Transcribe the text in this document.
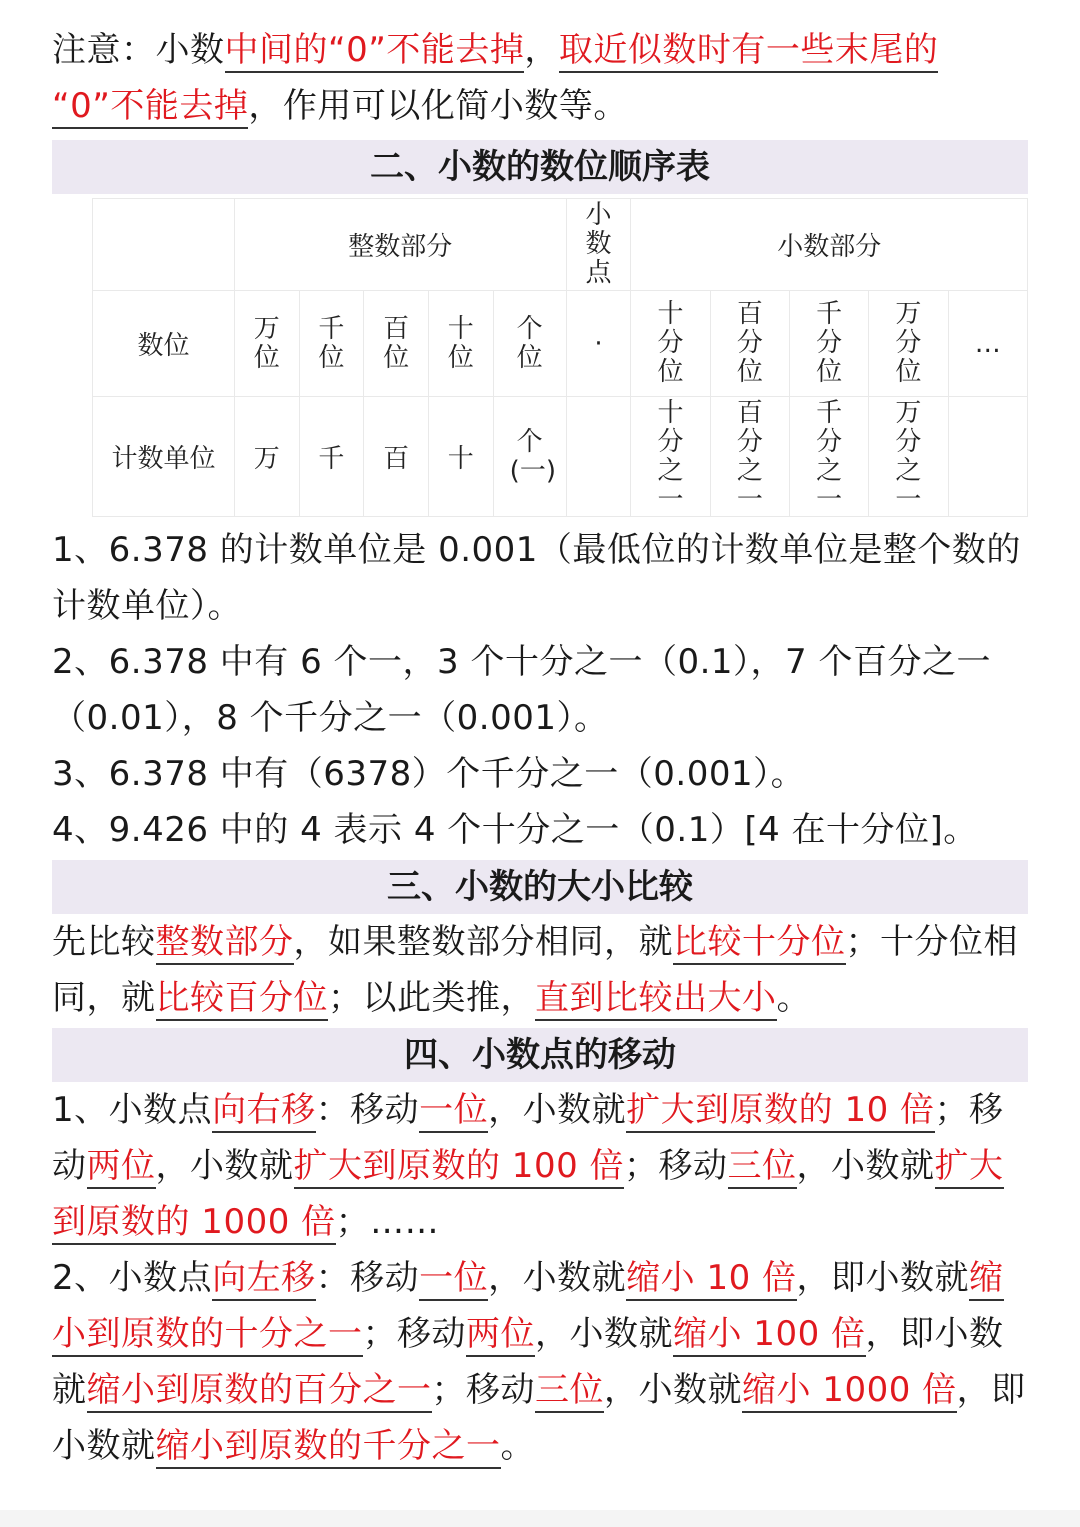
注意：小数中间的“0”不能去掉，取近似数时有一些末尾的
“0”不能去掉，作用可以化简小数等。

二、小数的数位顺序表
	整数部分					小数点	小数部分				
数位	万位	千位	百位	十位	个位	·	十分位	百分位	千分位	万分位	…
计数单位	万	千	百	十	个(一)		十分之一	百分之一	千分之一	万分之一	

1、6.378 的计数单位是 0.001（最低位的计数单位是整个数的计数单位）。

2、6.378 中有 6 个一，3 个十分之一（0.1），7 个百分之一（0.01），8 个千分之一（0.001）。

3、6.378 中有（6378）个千分之一（0.001）。

4、9.426 中的 4 表示 4 个十分之一（0.1）[4 在十分位]。

三、小数的大小比较

先比较整数部分，如果整数部分相同，就比较十分位；十分位相同，就比较百分位；以此类推，直到比较出大小。

四、小数点的移动

1、小数点向右移：移动一位，小数就扩大到原数的 10 倍；移动两位，小数就扩大到原数的 100 倍；移动三位，小数就扩大到原数的 1000 倍；……

2、小数点向左移：移动一位，小数就缩小 10 倍，即小数就缩小到原数的十分之一；移动两位，小数就缩小 100 倍，即小数就缩小到原数的百分之一；移动三位，小数就缩小 1000 倍，即小数就缩小到原数的千分之一。
